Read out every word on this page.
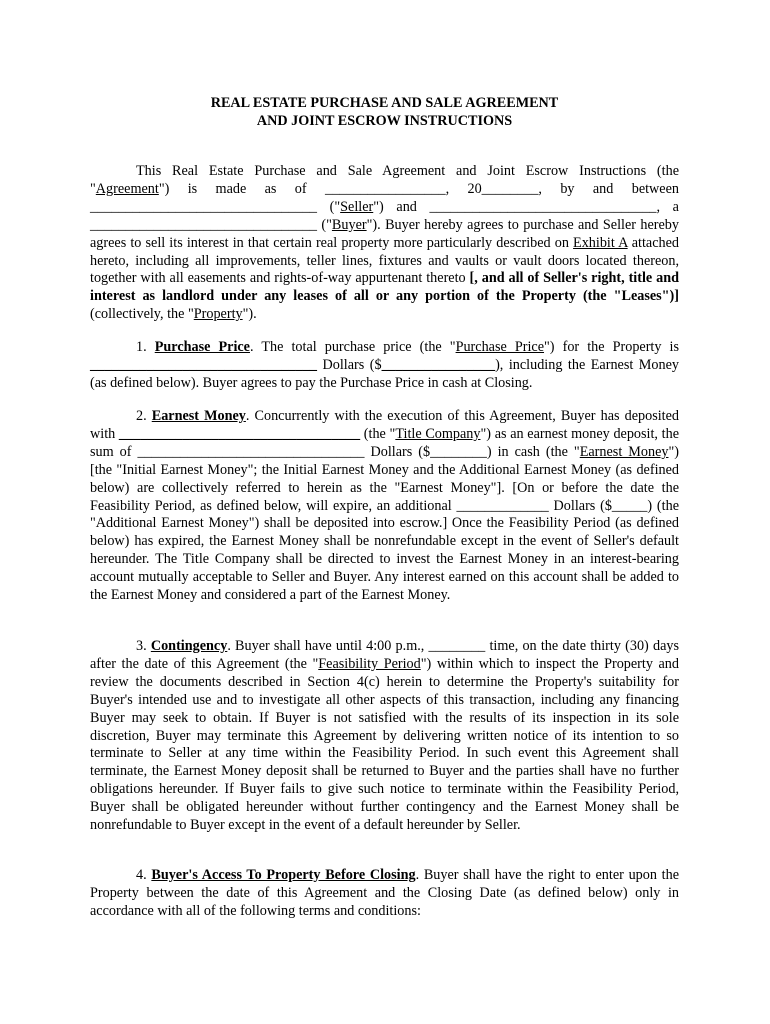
REAL ESTATE PURCHASE AND SALE AGREEMENT
AND JOINT ESCROW INSTRUCTIONS
This Real Estate Purchase and Sale Agreement and Joint Escrow Instructions (the "Agreement") is made as of _________________, 20________, by and between ________________________________ ("Seller") and ________________________________, a ________________________________ ("Buyer"). Buyer hereby agrees to purchase and Seller hereby agrees to sell its interest in that certain real property more particularly described on Exhibit A attached hereto, including all improvements, teller lines, fixtures and vaults or vault doors located thereon, together with all easements and rights-of-way appurtenant thereto [, and all of Seller's right, title and interest as landlord under any leases of all or any portion of the Property (the "Leases")] (collectively, the "Property").
1. Purchase Price. The total purchase price (the "Purchase Price") for the Property is ________________________________ Dollars ($________________), including the Earnest Money (as defined below). Buyer agrees to pay the Purchase Price in cash at Closing.
2. Earnest Money. Concurrently with the execution of this Agreement, Buyer has deposited with __________________________________ (the "Title Company") as an earnest money deposit, the sum of ________________________________ Dollars ($________) in cash (the "Earnest Money") [the "Initial Earnest Money"; the Initial Earnest Money and the Additional Earnest Money (as defined below) are collectively referred to herein as the "Earnest Money"]. [On or before the date the Feasibility Period, as defined below, will expire, an additional _____________ Dollars ($_____) (the "Additional Earnest Money") shall be deposited into escrow.] Once the Feasibility Period (as defined below) has expired, the Earnest Money shall be nonrefundable except in the event of Seller's default hereunder. The Title Company shall be directed to invest the Earnest Money in an interest-bearing account mutually acceptable to Seller and Buyer. Any interest earned on this account shall be added to the Earnest Money and considered a part of the Earnest Money.
3. Contingency. Buyer shall have until 4:00 p.m., ________ time, on the date thirty (30) days after the date of this Agreement (the "Feasibility Period") within which to inspect the Property and review the documents described in Section 4(c) herein to determine the Property's suitability for Buyer's intended use and to investigate all other aspects of this transaction, including any financing Buyer may seek to obtain. If Buyer is not satisfied with the results of its inspection in its sole discretion, Buyer may terminate this Agreement by delivering written notice of its intention to so terminate to Seller at any time within the Feasibility Period. In such event this Agreement shall terminate, the Earnest Money deposit shall be returned to Buyer and the parties shall have no further obligations hereunder. If Buyer fails to give such notice to terminate within the Feasibility Period, Buyer shall be obligated hereunder without further contingency and the Earnest Money shall be nonrefundable to Buyer except in the event of a default hereunder by Seller.
4. Buyer's Access To Property Before Closing. Buyer shall have the right to enter upon the Property between the date of this Agreement and the Closing Date (as defined below) only in accordance with all of the following terms and conditions:
